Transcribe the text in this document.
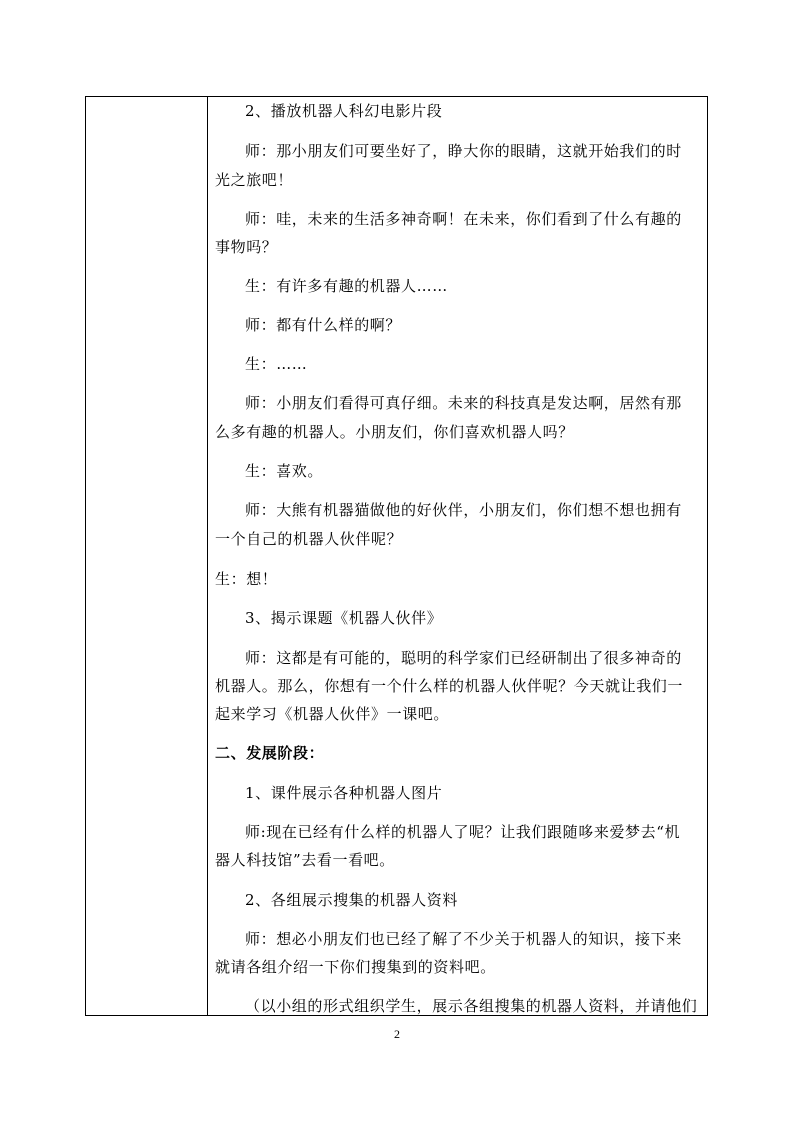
2、播放机器人科幻电影片段
师：那小朋友们可要坐好了，睁大你的眼睛，这就开始我们的时
光之旅吧！
师：哇，未来的生活多神奇啊！在未来，你们看到了什么有趣的
事物吗？
生：有许多有趣的机器人……
师：都有什么样的啊？
生：……
师：小朋友们看得可真仔细。未来的科技真是发达啊，居然有那
么多有趣的机器人。小朋友们，你们喜欢机器人吗？
生：喜欢。
师：大熊有机器猫做他的好伙伴，小朋友们，你们想不想也拥有
一个自己的机器人伙伴呢？
生：想！
3、揭示课题《机器人伙伴》
师：这都是有可能的，聪明的科学家们已经研制出了很多神奇的
机器人。那么，你想有一个什么样的机器人伙伴呢？今天就让我们一
起来学习《机器人伙伴》一课吧。
二、发展阶段：
1、课件展示各种机器人图片
师:现在已经有什么样的机器人了呢？让我们跟随哆来爱梦去“机
器人科技馆”去看一看吧。
2、各组展示搜集的机器人资料
师：想必小朋友们也已经了解了不少关于机器人的知识，接下来
就请各组介绍一下你们搜集到的资料吧。
（以小组的形式组织学生，展示各组搜集的机器人资料，并请他们
2
